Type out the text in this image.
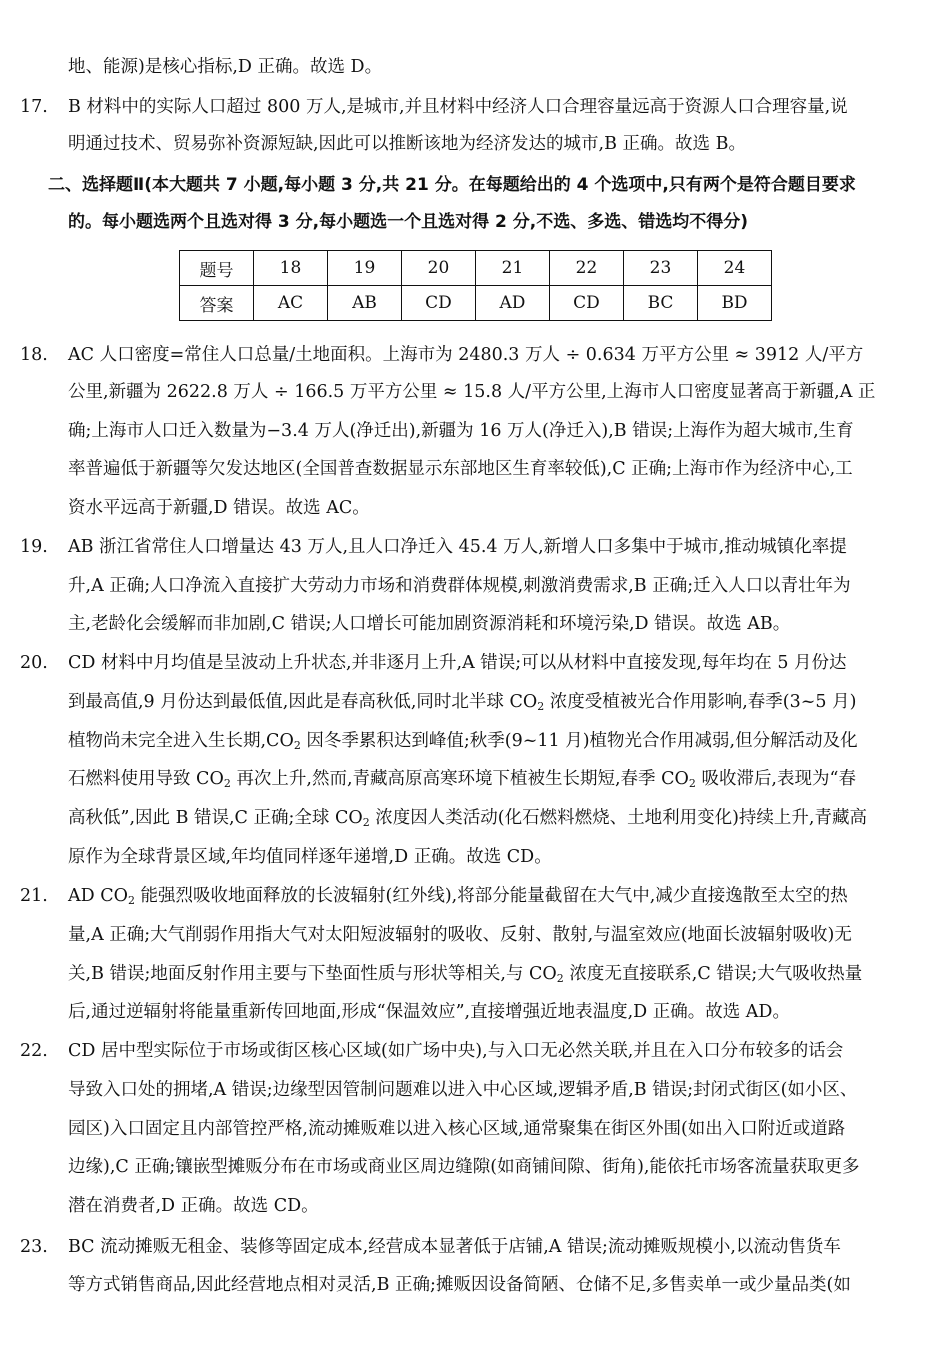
地、能源)是核心指标,D 正确。故选 D。
17. B 材料中的实际人口超过 800 万人,是城市,并且材料中经济人口合理容量远高于资源人口合理容量,说
明通过技术、贸易弥补资源短缺,因此可以推断该地为经济发达的城市,B 正确。故选 B。
二、选择题Ⅱ(本大题共 7 小题,每小题 3 分,共 21 分。在每题给出的 4 个选项中,只有两个是符合题目要求
的。每小题选两个且选对得 3 分,每小题选一个且选对得 2 分,不选、多选、错选均不得分)
题号	18	19	20	21	22	23	24
答案	AC	AB	CD	AD	CD	BC	BD
18. AC 人口密度=常住人口总量/土地面积。上海市为 2480.3 万人 ÷ 0.634 万平方公里 ≈ 3912 人/平方
公里,新疆为 2622.8 万人 ÷ 166.5 万平方公里 ≈ 15.8 人/平方公里,上海市人口密度显著高于新疆,A 正
确;上海市人口迁入数量为−3.4 万人(净迁出),新疆为 16 万人(净迁入),B 错误;上海作为超大城市,生育
率普遍低于新疆等欠发达地区(全国普查数据显示东部地区生育率较低),C 正确;上海市作为经济中心,工
资水平远高于新疆,D 错误。故选 AC。
19. AB 浙江省常住人口增量达 43 万人,且人口净迁入 45.4 万人,新增人口多集中于城市,推动城镇化率提
升,A 正确;人口净流入直接扩大劳动力市场和消费群体规模,刺激消费需求,B 正确;迁入人口以青壮年为
主,老龄化会缓解而非加剧,C 错误;人口增长可能加剧资源消耗和环境污染,D 错误。故选 AB。
20. CD 材料中月均值是呈波动上升状态,并非逐月上升,A 错误;可以从材料中直接发现,每年均在 5 月份达
到最高值,9 月份达到最低值,因此是春高秋低,同时北半球 $CO_2$ 浓度受植被光合作用影响,春季(3~5 月)
植物尚未完全进入生长期$,CO_2$ 因冬季累积达到峰值;秋季(9~11 月)植物光合作用减弱,但分解活动及化
石燃料使用导致 $CO_2$ 再次上升,然而,青藏高原高寒环境下植被生长期短,春季 $CO_2$ 吸收滞后,表现为“春
高秋低”,因此 B 错误,C 正确;全球 $CO_2$ 浓度因人类活动(化石燃料燃烧、土地利用变化)持续上升,青藏高
原作为全球背景区域,年均值同样逐年递增,D 正确。故选 CD。
21. AD $CO_2$ 能强烈吸收地面释放的长波辐射(红外线),将部分能量截留在大气中,减少直接逸散至太空的热
量,A 正确;大气削弱作用指大气对太阳短波辐射的吸收、反射、散射,与温室效应(地面长波辐射吸收)无
关,B 错误;地面反射作用主要与下垫面性质与形状等相关,与 $CO_2$ 浓度无直接联系,C 错误;大气吸收热量
后,通过逆辐射将能量重新传回地面,形成“保温效应”,直接增强近地表温度,D 正确。故选 AD。
22. CD 居中型实际位于市场或街区核心区域(如广场中央),与入口无必然关联,并且在入口分布较多的话会
导致入口处的拥堵,A 错误;边缘型因管制问题难以进入中心区域,逻辑矛盾,B 错误;封闭式街区(如小区、
园区)入口固定且内部管控严格,流动摊贩难以进入核心区域,通常聚集在街区外围(如出入口附近或道路
边缘),C 正确;镶嵌型摊贩分布在市场或商业区周边缝隙(如商铺间隙、街角),能依托市场客流量获取更多
潜在消费者,D 正确。故选 CD。
23. BC 流动摊贩无租金、装修等固定成本,经营成本显著低于店铺,A 错误;流动摊贩规模小,以流动售货车
等方式销售商品,因此经营地点相对灵活,B 正确;摊贩因设备简陋、仓储不足,多售卖单一或少量品类(如
